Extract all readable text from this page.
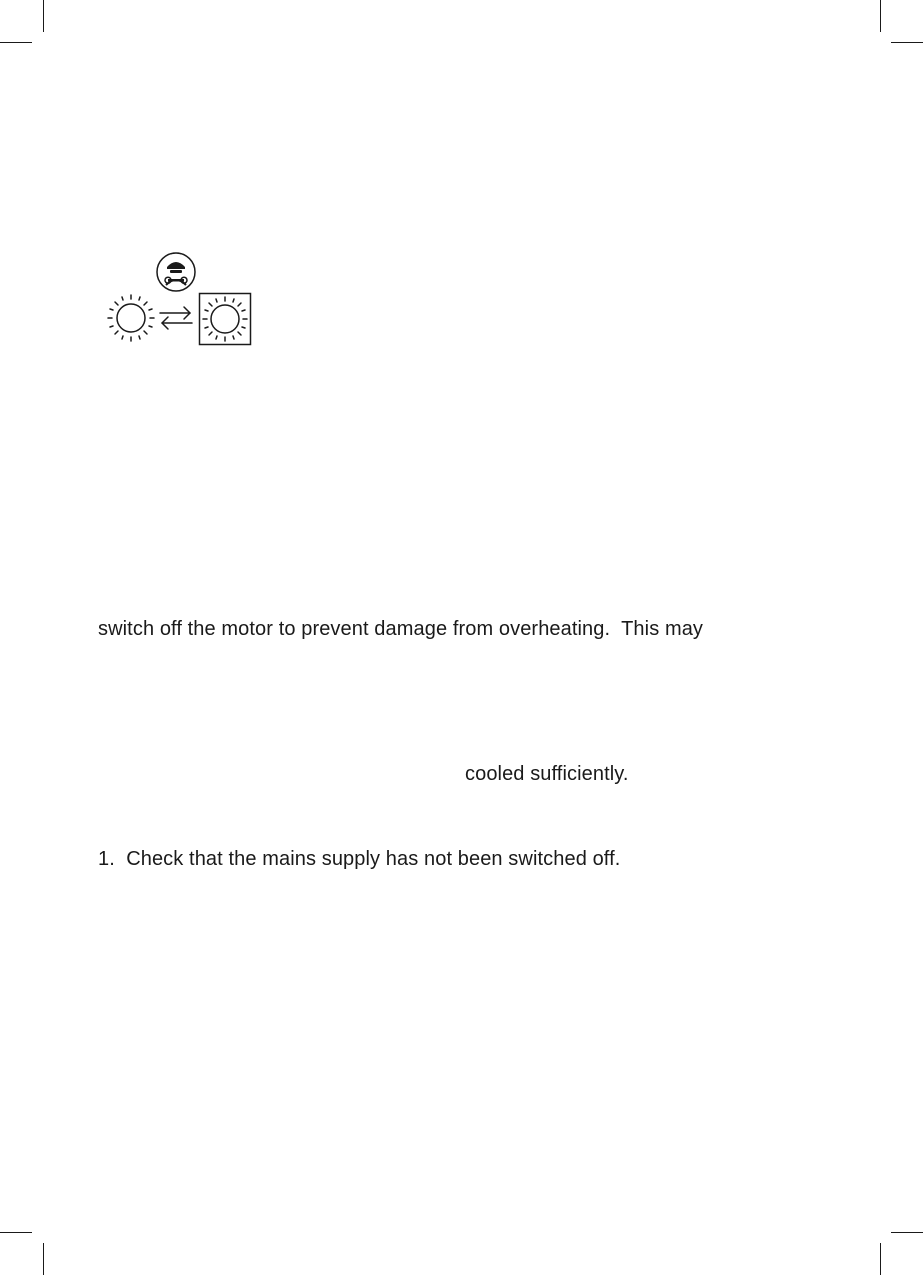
switch off the motor to prevent damage from overheating.  This may
cooled sufficiently.
1.  Check that the mains supply has not been switched off.
